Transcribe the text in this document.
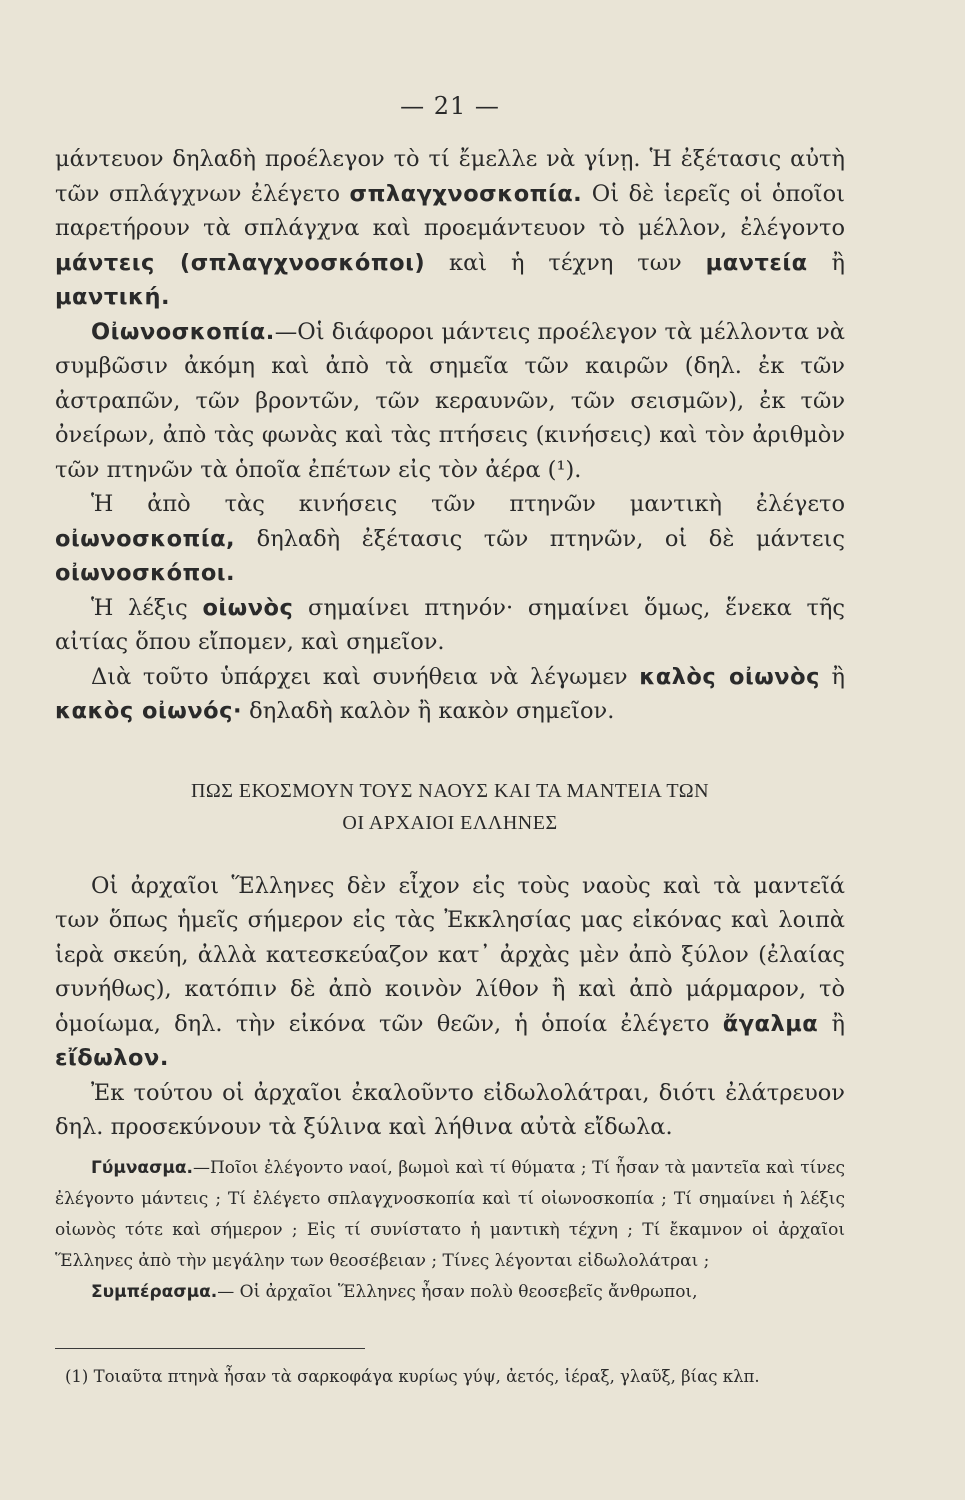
— 21 —

μάντευον δηλαδὴ προέλεγον τὸ τί ἔμελλε νὰ γίνῃ. Ἡ ἐξέτασις αὐτὴ τῶν σπλάγχνων ἐλέγετο σπλαγχνοσκοπία. Οἱ δὲ ἱερεῖς οἱ ὁποῖοι παρετήρουν τὰ σπλάγχνα καὶ προεμάντευον τὸ μέλλον, ἐλέγοντο μάντεις (σπλαγχνοσκόποι) καὶ ἡ τέχνη των μαντεία ἢ μαντική.

Οἰωνοσκοπία.—Οἱ διάφοροι μάντεις προέλεγον τὰ μέλλοντα νὰ συμβῶσιν ἀκόμη καὶ ἀπὸ τὰ σημεῖα τῶν καιρῶν (δηλ. ἐκ τῶν ἀστραπῶν, τῶν βροντῶν, τῶν κεραυνῶν, τῶν σεισμῶν), ἐκ τῶν ὀνείρων, ἀπὸ τὰς φωνὰς καὶ τὰς πτήσεις (κινήσεις) καὶ τὸν ἀριθμὸν τῶν πτηνῶν τὰ ὁποῖα ἐπέτων εἰς τὸν ἀέρα (¹).

Ἡ ἀπὸ τὰς κινήσεις τῶν πτηνῶν μαντικὴ ἐλέγετο οἰωνοσκοπία, δηλαδὴ ἐξέτασις τῶν πτηνῶν, οἱ δὲ μάντεις οἰωνοσκόποι.

Ἡ λέξις οἰωνὸς σημαίνει πτηνόν· σημαίνει ὅμως, ἕνεκα τῆς αἰτίας ὅπου εἴπομεν, καὶ σημεῖον.

Διὰ τοῦτο ὑπάρχει καὶ συνήθεια νὰ λέγωμεν καλὸς οἰωνὸς ἢ κακὸς οἰωνός· δηλαδὴ καλὸν ἢ κακὸν σημεῖον.

ΠΩΣ ΕΚΟΣΜΟΥΝ ΤΟΥΣ ΝΑΟΥΣ ΚΑΙ ΤΑ ΜΑΝΤΕΙΑ ΤΩΝ
ΟΙ ΑΡΧΑΙΟΙ ΕΛΛΗΝΕΣ

Οἱ ἀρχαῖοι Ἕλληνες δὲν εἶχον εἰς τοὺς ναοὺς καὶ τὰ μαντεῖά των ὅπως ἡμεῖς σήμερον εἰς τὰς Ἐκκλησίας μας εἰκόνας καὶ λοιπὰ ἱερὰ σκεύη, ἀλλὰ κατεσκεύαζον κατ᾽ ἀρχὰς μὲν ἀπὸ ξύλον (ἐλαίας συνήθως), κατόπιν δὲ ἀπὸ κοινὸν λίθον ἢ καὶ ἀπὸ μάρμαρον, τὸ ὁμοίωμα, δηλ. τὴν εἰκόνα τῶν θεῶν, ἡ ὁποία ἐλέγετο ἄγαλμα ἢ εἴδωλον.

Ἐκ τούτου οἱ ἀρχαῖοι ἐκαλοῦντο εἰδωλολάτραι, διότι ἐλάτρευον δηλ. προσεκύνουν τὰ ξύλινα καὶ λήθινα αὐτὰ εἴδωλα.

Γύμνασμα.—Ποῖοι ἐλέγοντο ναοί, βωμοὶ καὶ τί θύματα ; Τί ἦσαν τὰ μαντεῖα καὶ τίνες ἐλέγοντο μάντεις ; Τί ἐλέγετο σπλαγχνοσκοπία καὶ τί οἰωνοσκοπία ; Τί σημαίνει ἡ λέξις οἰωνὸς τότε καὶ σήμερον ; Εἰς τί συνίστατο ἡ μαντικὴ τέχνη ; Τί ἔκαμνον οἱ ἀρχαῖοι Ἕλληνες ἀπὸ τὴν μεγάλην των θεοσέβειαν ; Τίνες λέγονται εἰδωλολάτραι ;

Συμπέρασμα.— Οἱ ἀρχαῖοι Ἕλληνες ἦσαν πολὺ θεοσεβεῖς ἄνθρωποι,

(1) Τοιαῦτα πτηνὰ ἦσαν τὰ σαρκοφάγα κυρίως γύψ, ἀετός, ἱέραξ, γλαῦξ, βίας κλπ.
